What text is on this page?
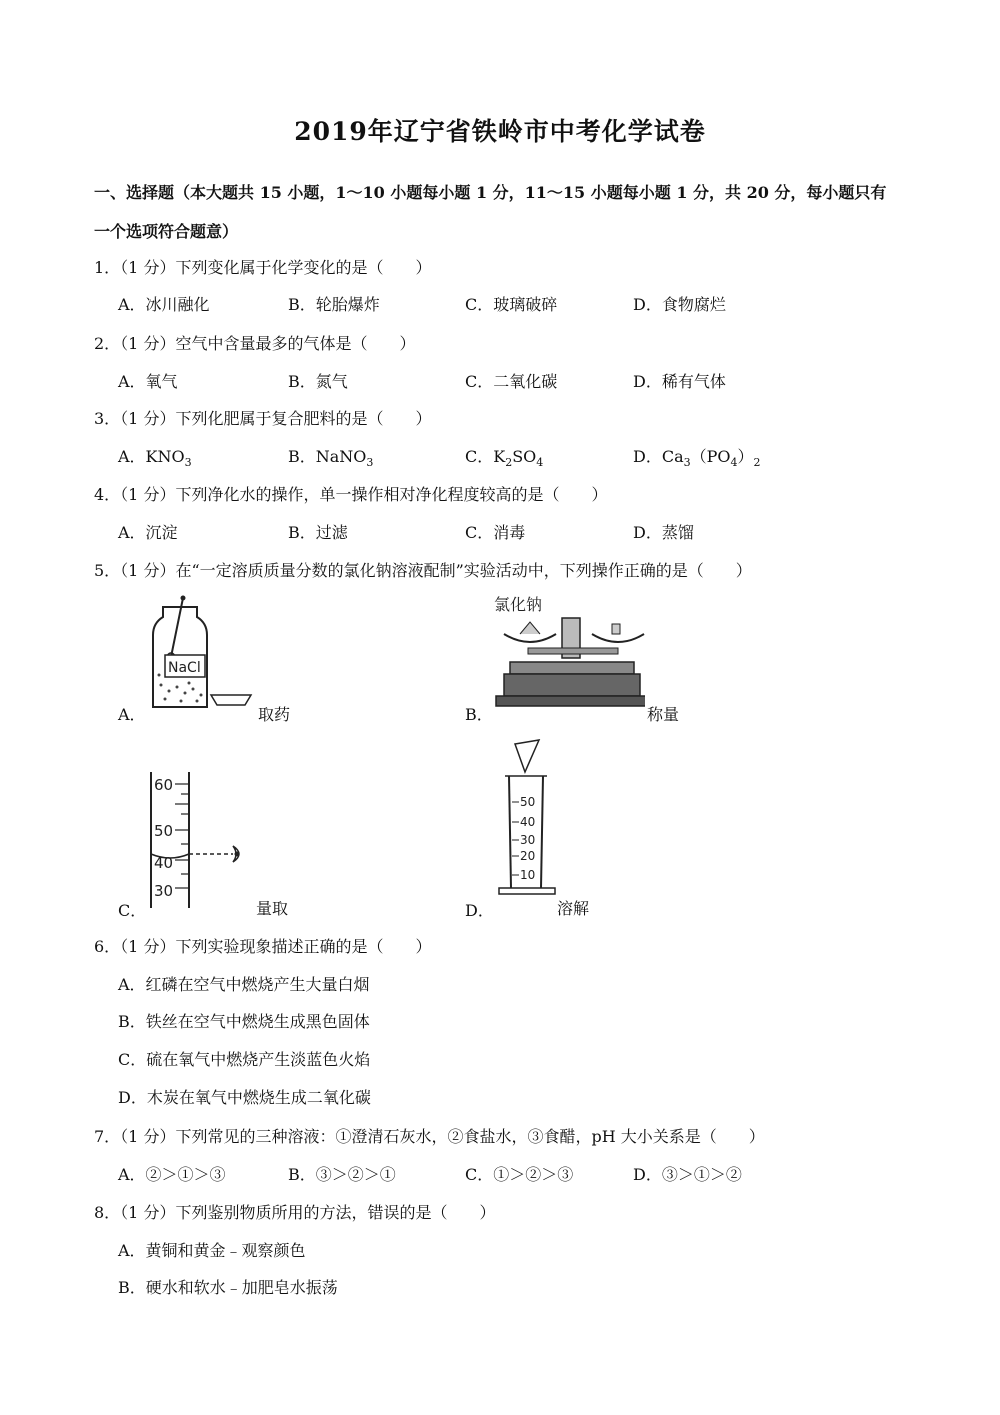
2019年辽宁省铁岭市中考化学试卷
一、选择题（本大题共 15 小题，1～10 小题每小题 1 分，11～15 小题每小题 1 分，共 20 分，每小题只有
一个选项符合题意）
1．（1 分）下列变化属于化学变化的是（　　）
A．冰川融化	B．轮胎爆炸	C．玻璃破碎	D．食物腐烂
2．（1 分）空气中含量最多的气体是（　　）
A．氧气	B．氮气	C．二氧化碳	D．稀有气体
3．（1 分）下列化肥属于复合肥料的是（　　）
A．$KNO_3$	B．NaNO$_3$	C．$K_2SO_4$	D．$Ca_3(PO_4)_2$
4．（1 分）下列净化水的操作，单一操作相对净化程度较高的是（　　）
A．沉淀	B．过滤	C．消毒	D．蒸馏
5．（1 分）在“一定溶质质量分数的氯化钠溶液配制”实验活动中，下列操作正确的是（　　）
A．
NaCl
取药	B．
氯化钠
称量
C．
60
50
40
30
量取	D．
50
40
30
20
10
溶解
6．（1 分）下列实验现象描述正确的是（　　）
A．红磷在空气中燃烧产生大量白烟
B．铁丝在空气中燃烧生成黑色固体
C．硫在氧气中燃烧产生淡蓝色火焰
D．木炭在氧气中燃烧生成二氧化碳
7．（1 分）下列常见的三种溶液：①澄清石灰水，②食盐水，③食醋，pH 大小关系是（　　）
A．②＞①＞③	B．③＞②＞①	C．①＞②＞③	D．③＞①＞②
8．（1 分）下列鉴别物质所用的方法，错误的是（　　）
A．黄铜和黄金﹣观察颜色
B．硬水和软水﹣加肥皂水振荡
